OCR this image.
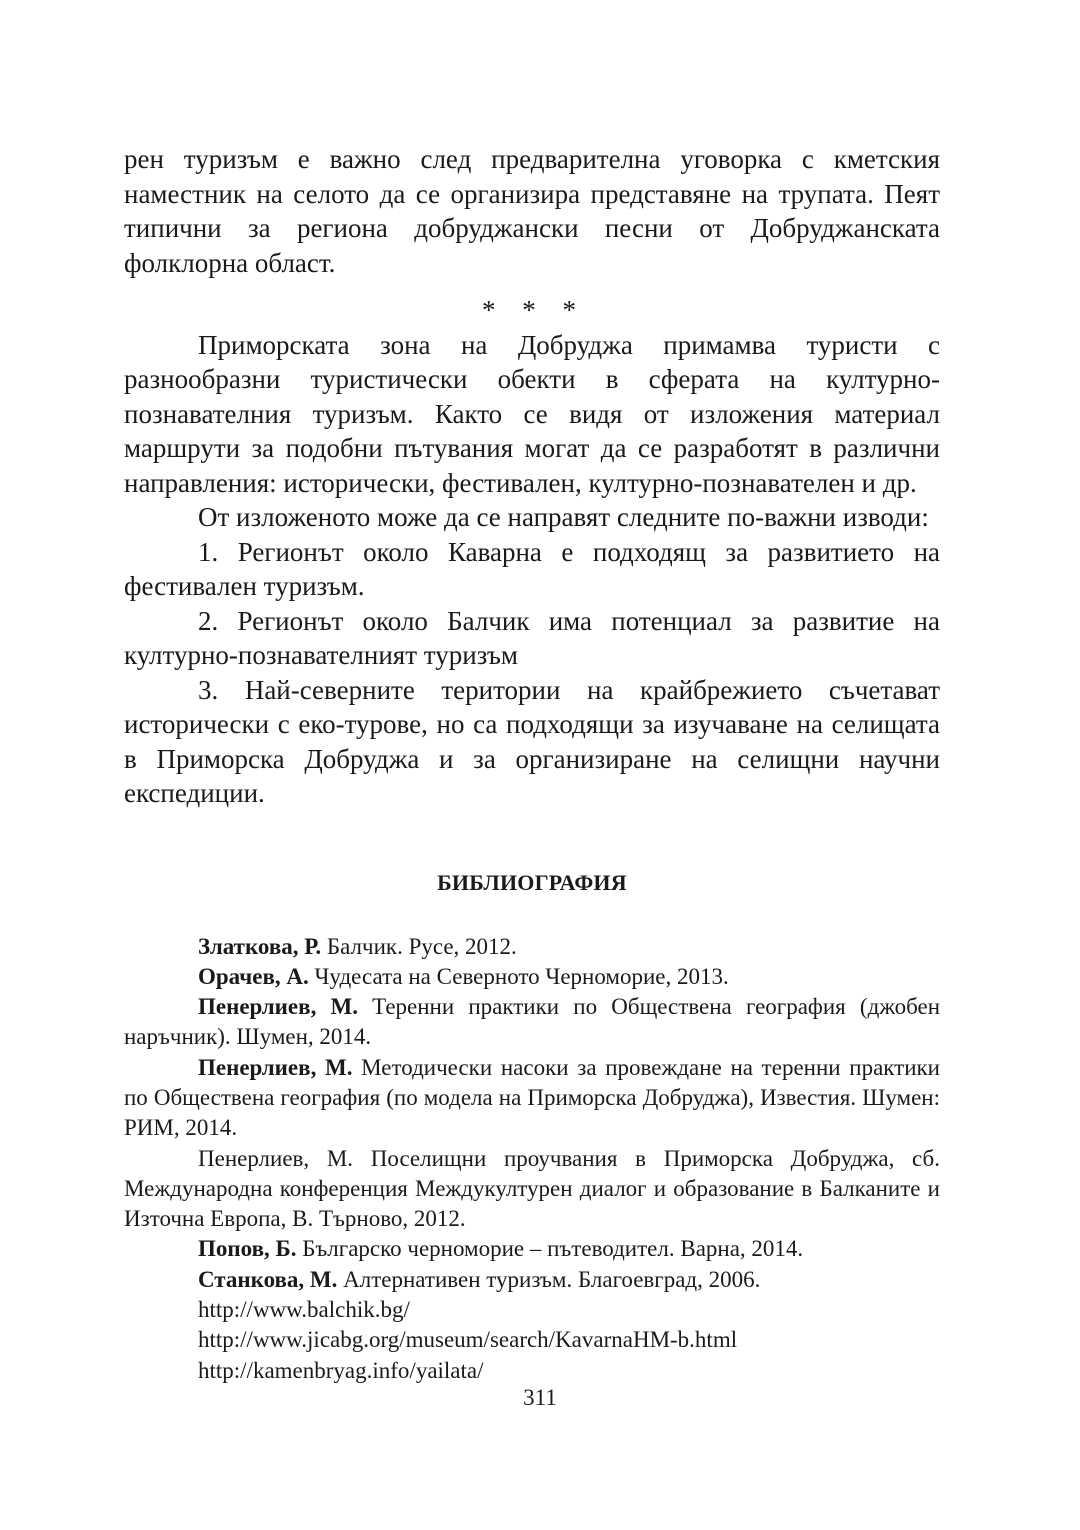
рен туризъм е важно след предварителна уговорка с кметския наместник на селото да се организира представяне на трупата. Пеят типични за региона добруджански песни от Добруджанската фолклорна област.

* * *

Приморската зона на Добруджа примамва туристи с разнообразни туристически обекти в сферата на културно-познавателния туризъм. Както се видя от изложения материал маршрути за подобни пътувания могат да се разработят в различни направления: исторически, фестивален, културно-познавателен и др.

От изложеното може да се направят следните по-важни изводи:

1. Регионът около Каварна е подходящ за развитието на фестивален туризъм.

2. Регионът около Балчик има потенциал за развитие на културно-познавателният туризъм

3. Най-северните територии на крайбрежието съчетават исторически с еко-турове, но са подходящи за изучаване на селищата в Приморска Добруджа и за организиране на селищни научни експедиции.

БИБЛИОГРАФИЯ

Златкова, Р. Балчик. Русе, 2012.

Орачев, А. Чудесата на Северното Черноморие, 2013.

Пенерлиев, М. Теренни практики по Обществена география (джобен наръчник). Шумен, 2014.

Пенерлиев, М. Методически насоки за провеждане на теренни практики по Обществена география (по модела на Приморска Добруджа), Известия. Шумен: РИМ, 2014.

Пенерлиев, М. Поселищни проучвания в Приморска Добруджа, сб. Международна конференция Междукултурен диалог и образование в Балканите и Източна Европа, В. Търново, 2012.

Попов, Б. Българско черноморие – пътеводител. Варна, 2014.

Станкова, М. Алтернативен туризъм. Благоевград, 2006.

http://www.balchik.bg/
http://www.jicabg.org/museum/search/KavarnaHM-b.html
http://kamenbryag.info/yailata/
311
